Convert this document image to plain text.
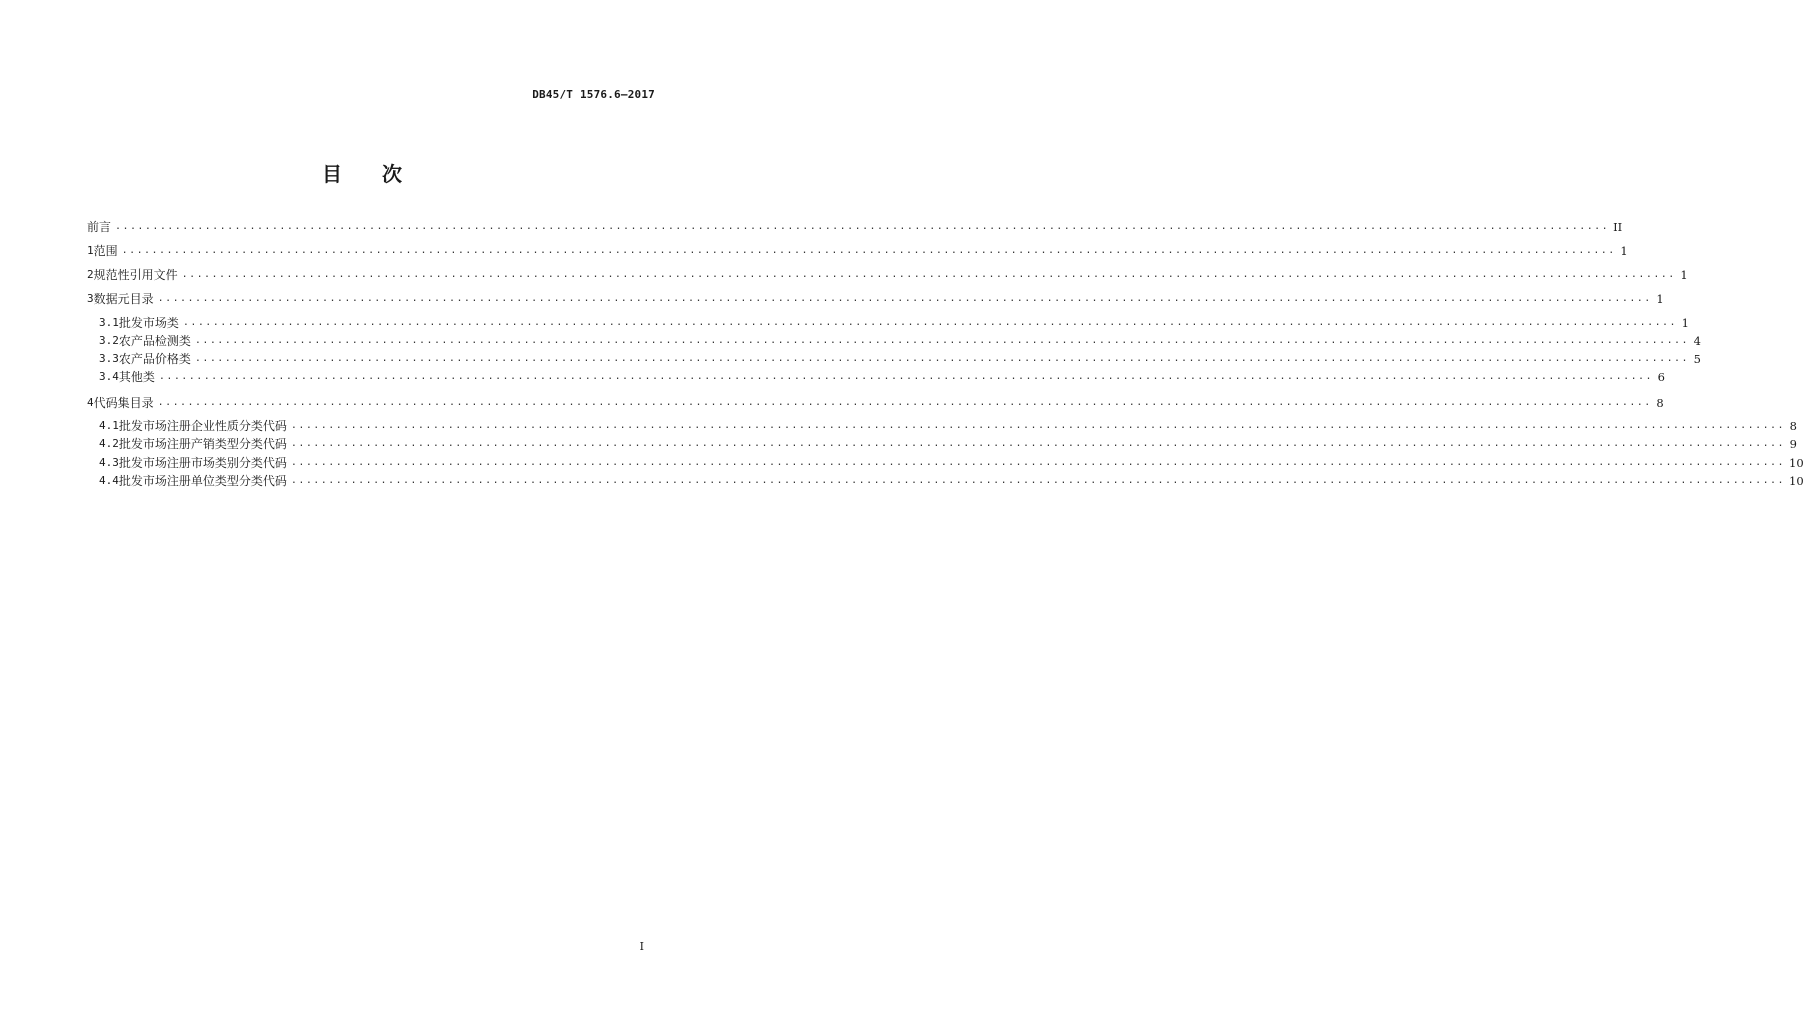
DB45/T 1576.6—2017
目 次
前言 ........................................................................................................................................................................................................ II
1 范围 ........................................................................................................................................................................................................ 1
2 规范性引用文件 ........................................................................................................................................................................................................ 1
3 数据元目录 ........................................................................................................................................................................................................ 1
3.1 批发市场类 ........................................................................................................................................................................................................ 1
3.2 农产品检测类 ........................................................................................................................................................................................................ 4
3.3 农产品价格类 ........................................................................................................................................................................................................ 5
3.4 其他类 ........................................................................................................................................................................................................ 6
4 代码集目录 ........................................................................................................................................................................................................ 8
4.1 批发市场注册企业性质分类代码 ........................................................................................................................................................................................................ 8
4.2 批发市场注册产销类型分类代码 ........................................................................................................................................................................................................ 9
4.3 批发市场注册市场类别分类代码 ........................................................................................................................................................................................................ 10
4.4 批发市场注册单位类型分类代码 ........................................................................................................................................................................................................ 10
I
